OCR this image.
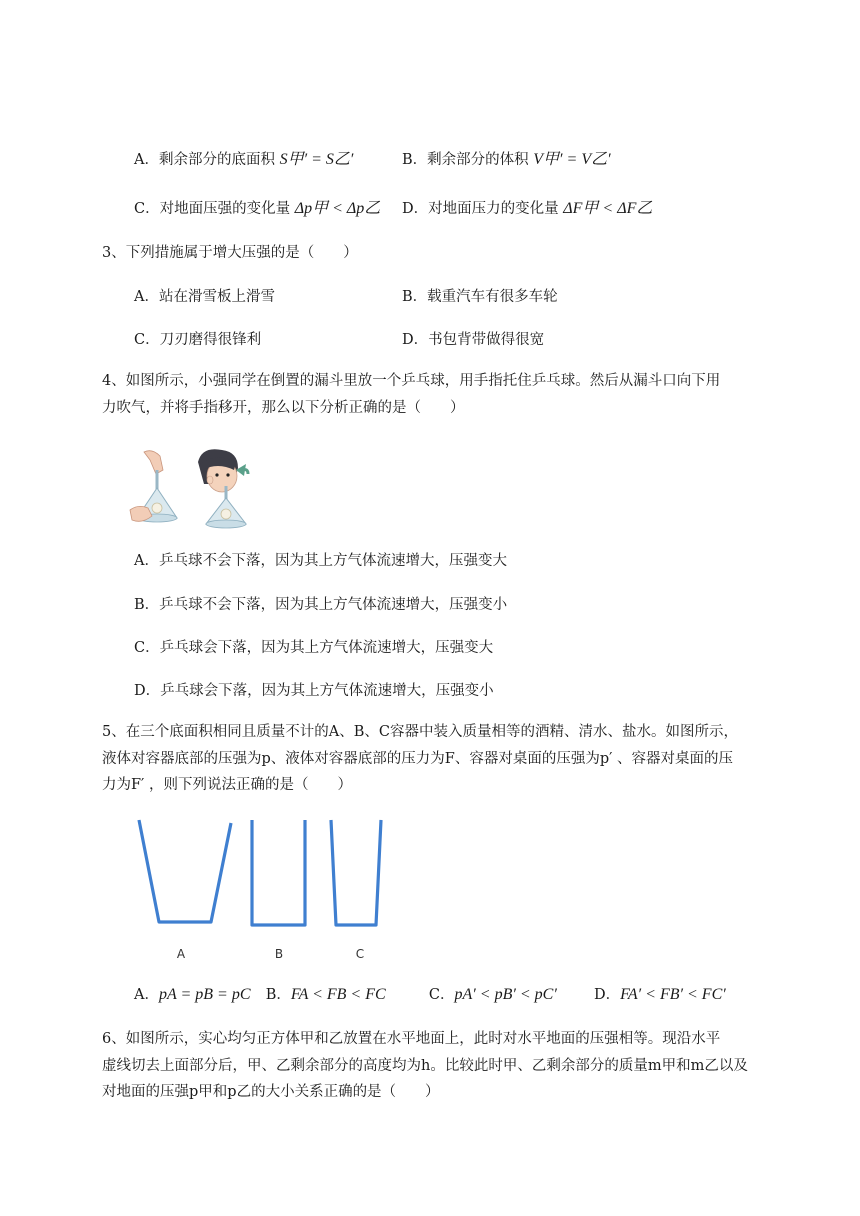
A．剩余部分的底面积 S甲′ = S乙′	B．剩余部分的体积 V甲′ = V乙′
C．对地面压强的变化量 Δp甲 < Δp乙 D．对地面压力的变化量 ΔF甲 < ΔF乙
3、下列措施属于增大压强的是（　　）
A．站在滑雪板上滑雪	B．载重汽车有很多车轮
C．刀刃磨得很锋利	D．书包背带做得很宽
4、如图所示，小强同学在倒置的漏斗里放一个乒乓球，用手指托住乒乓球。然后从漏斗口向下用
力吹气，并将手指移开，那么以下分析正确的是（　　）
A．乒乓球不会下落，因为其上方气体流速增大，压强变大
B．乒乓球不会下落，因为其上方气体流速增大，压强变小
C．乒乓球会下落，因为其上方气体流速增大，压强变大
D．乒乓球会下落，因为其上方气体流速增大，压强变小
5、在三个底面积相同且质量不计的A、B、C容器中装入质量相等的酒精、清水、盐水。如图所示，
液体对容器底部的压强为p、液体对容器底部的压力为F、容器对桌面的压强为p′ 、容器对桌面的压
力为F′ ，则下列说法正确的是（　　）
A	B	C
A．pA = pB = pC B．FA < FB < FC	C．pA′ < pB′ < pC′	D．FA′ < FB′ < FC′
6、如图所示，实心均匀正方体甲和乙放置在水平地面上，此时对水平地面的压强相等。现沿水平
虚线切去上面部分后，甲、乙剩余部分的高度均为h。比较此时甲、乙剩余部分的质量m甲和m乙以及
对地面的压强p甲和p乙的大小关系正确的是（　　）
